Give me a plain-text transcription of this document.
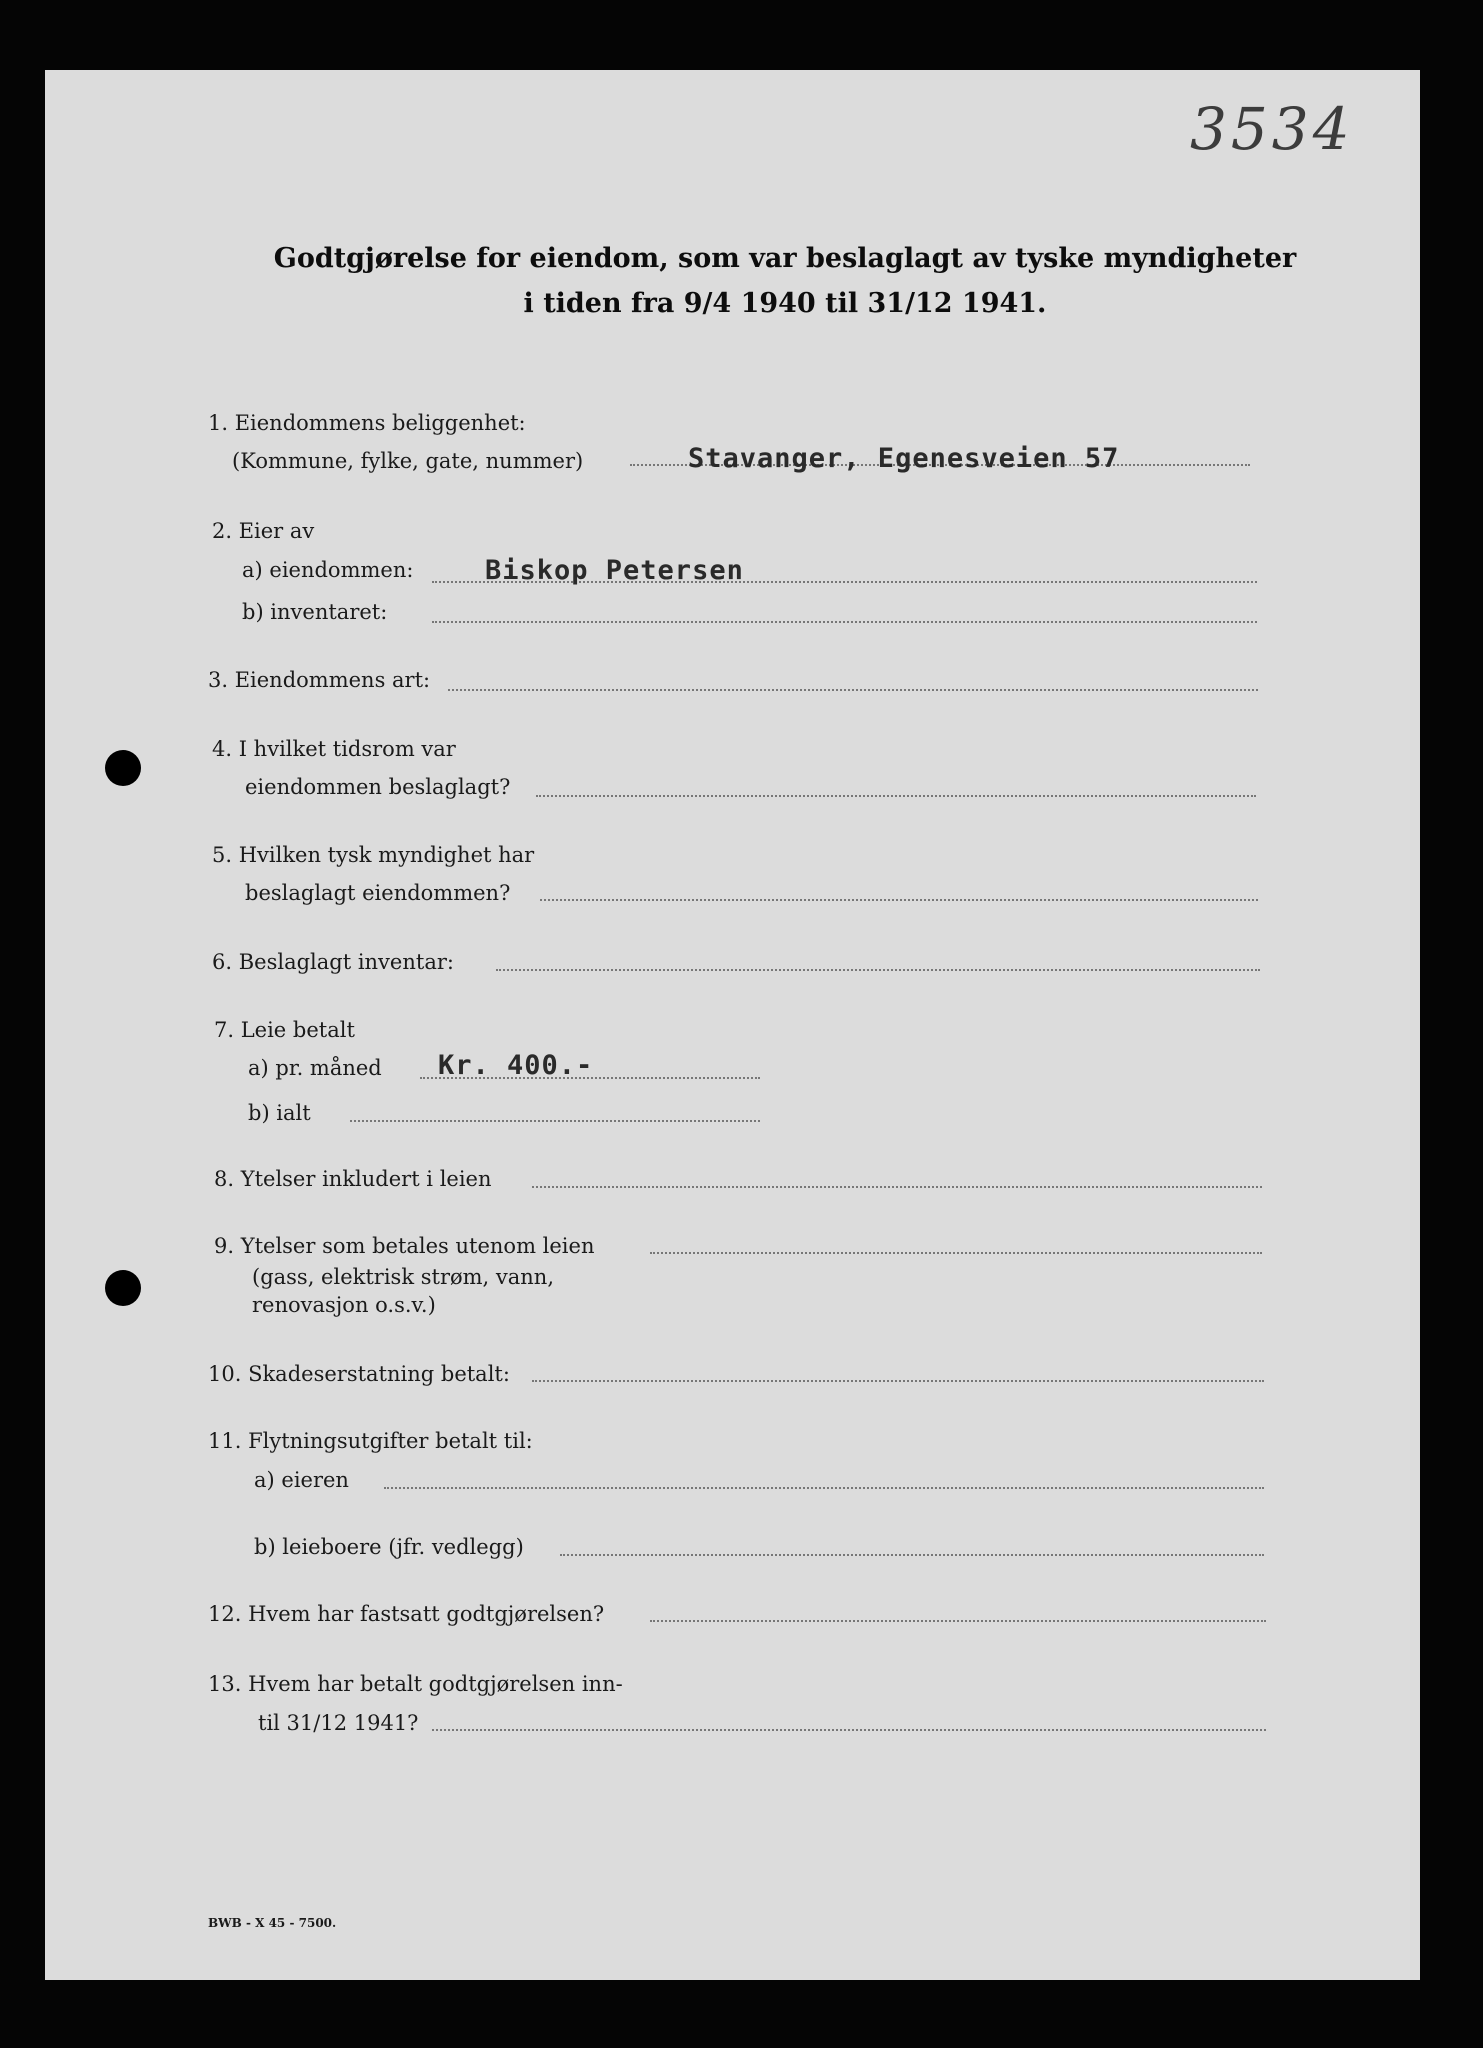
3534
Godtgjørelse for eiendom, som var beslaglagt av tyske myndigheter
i tiden fra 9/4 1940 til 31/12 1941.
1. Eiendommens beliggenhet:
(Kommune, fylke, gate, nummer)	Stavanger, Egenesveien 57
2. Eier av
a) eiendommen:	Biskop Petersen
b) inventaret:
3. Eiendommens art:
4. I hvilket tidsrom var
eiendommen beslaglagt?
5. Hvilken tysk myndighet har
beslaglagt eiendommen?
6. Beslaglagt inventar:
7. Leie betalt
a) pr. måned Kr. 400.-
b) ialt
8. Ytelser inkludert i leien
9. Ytelser som betales utenom leien
(gass, elektrisk strøm, vann,
renovasjon o.s.v.)
10. Skadeserstatning betalt:
11. Flytningsutgifter betalt til:
a) eieren
b) leieboere (jfr. vedlegg)
12. Hvem har fastsatt godtgjørelsen?
13. Hvem har betalt godtgjørelsen inn-
til 31/12 1941?
BWB - X 45 - 7500.
